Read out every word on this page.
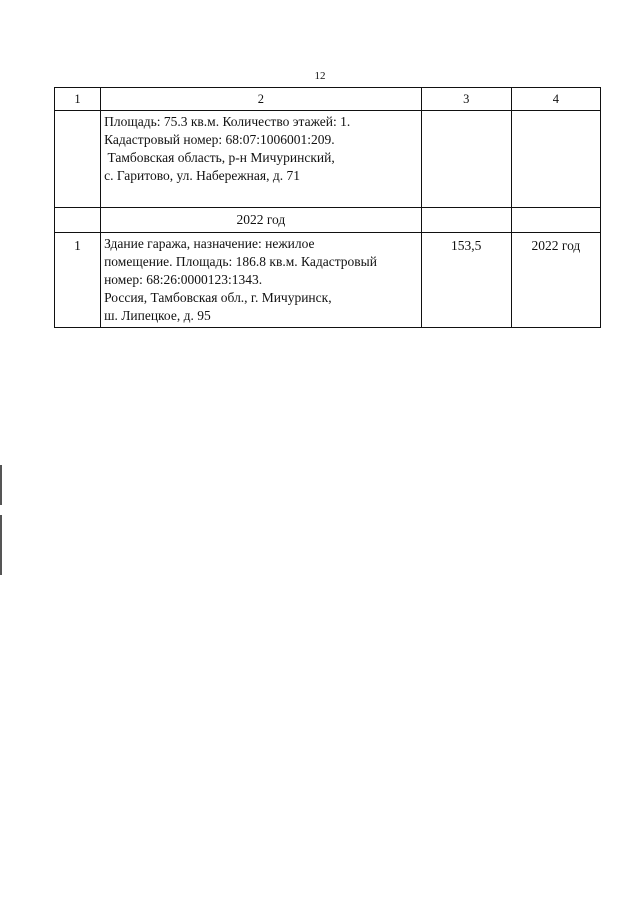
12
1	2	3	4

	Площадь: 75.3 кв.м. Количество этажей: 1.
Кадастровый номер: 68:07:1006001:209.
Тамбовская область, р-н Мичуринский,
с. Гаритово, ул. Набережная, д. 71		

	2022 год		
1	Здание гаража, назначение: нежилое
помещение. Площадь: 186.8 кв.м. Кадастровый
номер: 68:26:0000123:1343.
Россия, Тамбовская обл., г. Мичуринск,
ш. Липецкое, д. 95	153,5	2022 год
